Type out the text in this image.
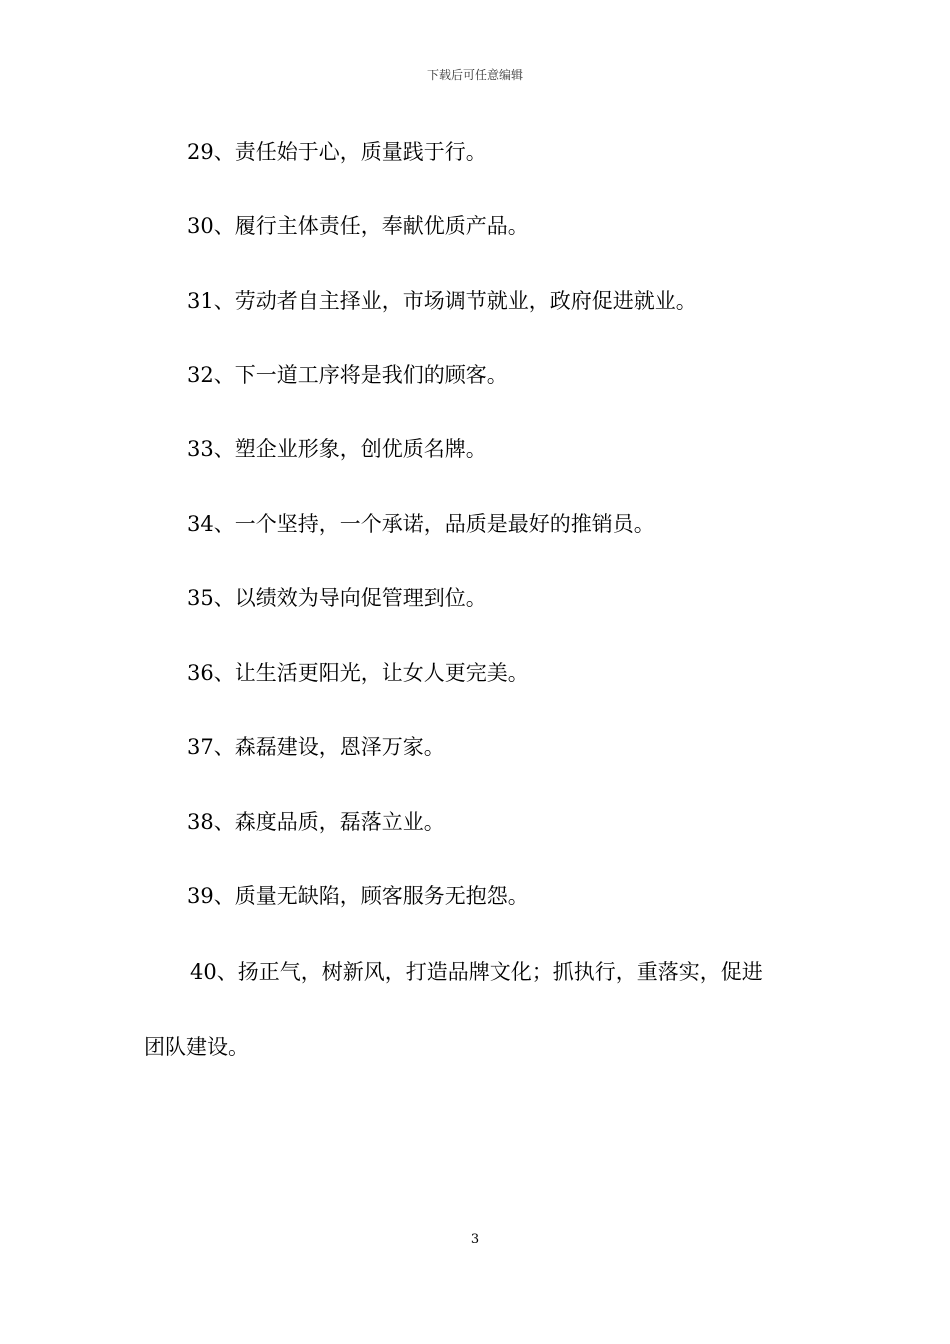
下载后可任意编辑
29、责任始于心，质量践于行。
30、履行主体责任，奉献优质产品。
31、劳动者自主择业，市场调节就业，政府促进就业。
32、下一道工序将是我们的顾客。
33、塑企业形象，创优质名牌。
34、一个坚持，一个承诺，品质是最好的推销员。
35、以绩效为导向促管理到位。
36、让生活更阳光，让女人更完美。
37、森磊建设，恩泽万家。
38、森度品质，磊落立业。
39、质量无缺陷，顾客服务无抱怨。
40、扬正气，树新风，打造品牌文化；抓执行，重落实，促进
团队建设。
3
